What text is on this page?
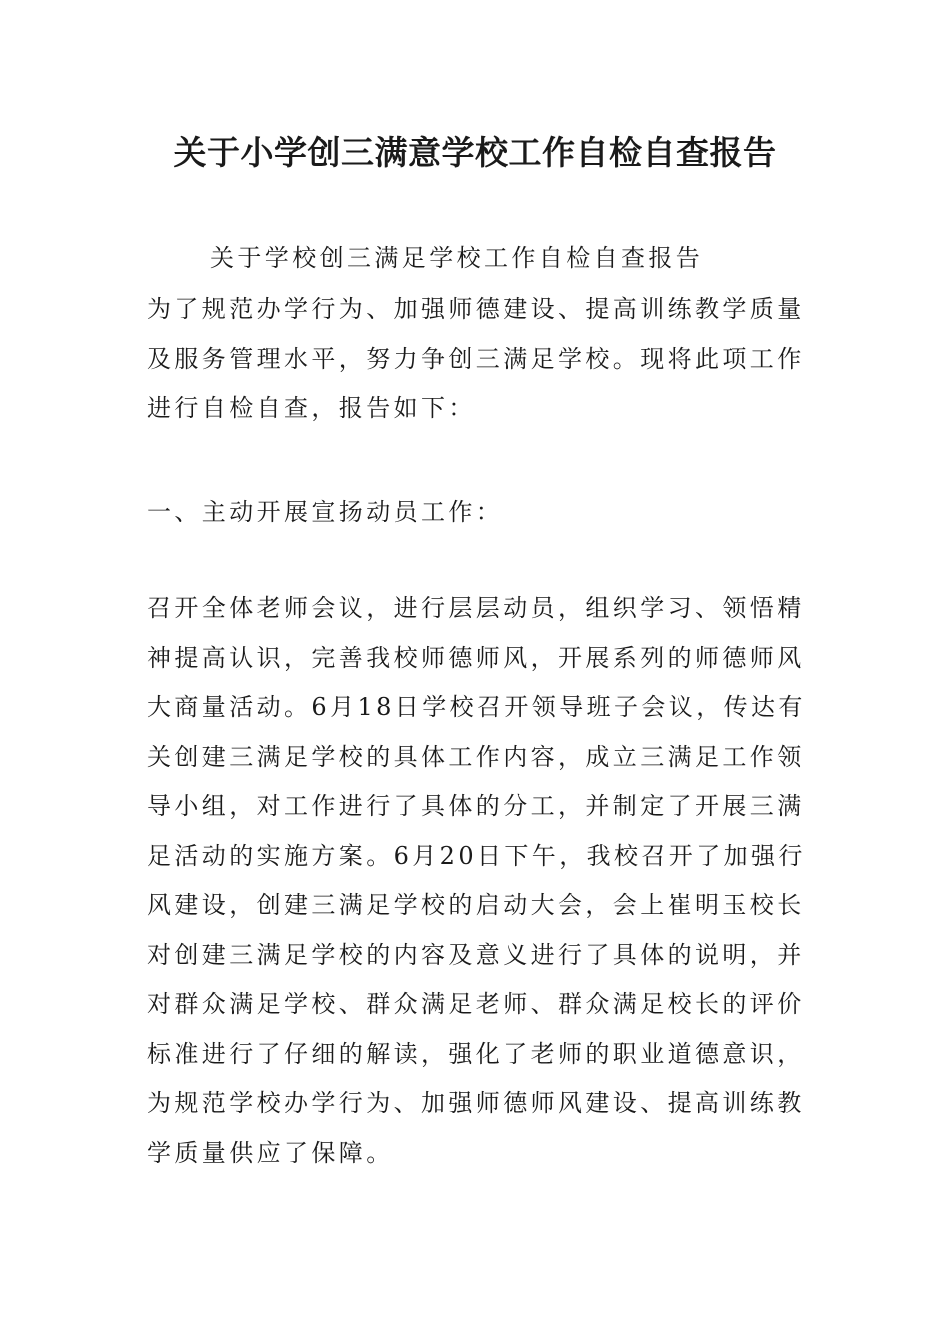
关于小学创三满意学校工作自检自查报告

关于学校创三满足学校工作自检自查报告

为了规范办学行为、加强师德建设、提高训练教学质量及服务管理水平，努力争创三满足学校。现将此项工作进行自检自查，报告如下：

一、主动开展宣扬动员工作：

召开全体老师会议，进行层层动员，组织学习、领悟精神提高认识，完善我校师德师风，开展系列的师德师风大商量活动。6月18日学校召开领导班子会议，传达有关创建三满足学校的具体工作内容，成立三满足工作领导小组，对工作进行了具体的分工，并制定了开展三满足活动的实施方案。6月20日下午，我校召开了加强行风建设，创建三满足学校的启动大会，会上崔明玉校长对创建三满足学校的内容及意义进行了具体的说明，并对群众满足学校、群众满足老师、群众满足校长的评价标准进行了仔细的解读，强化了老师的职业道德意识，为规范学校办学行为、加强师德师风建设、提高训练教学质量供应了保障。
